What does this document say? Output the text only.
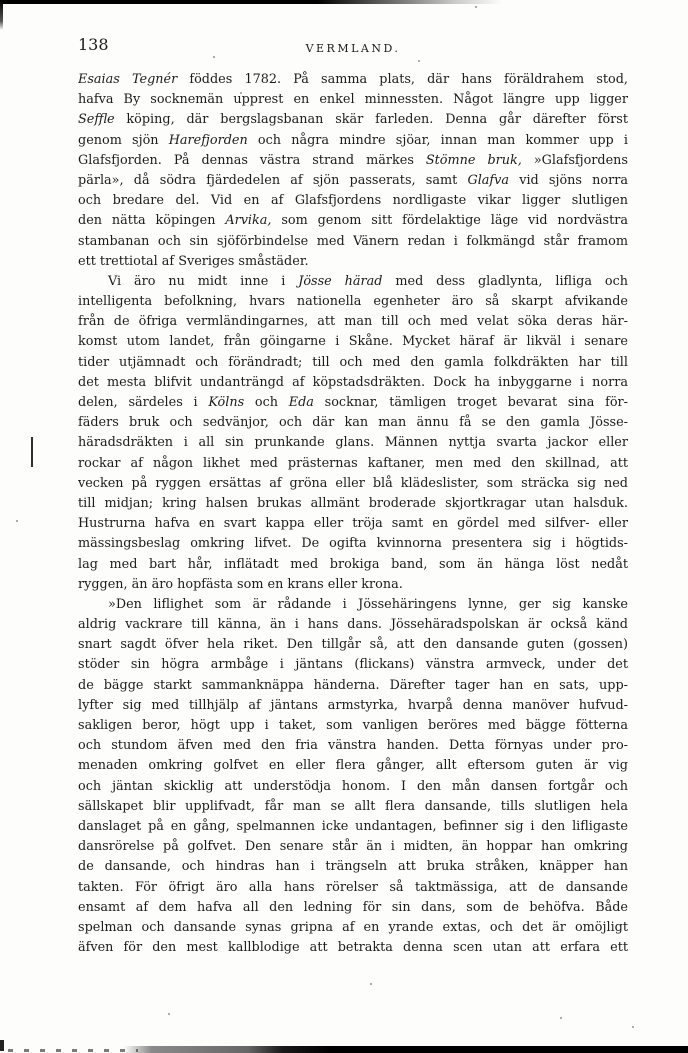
138	VERMLAND.
Esaias Tegnér föddes 1782. På samma plats, där hans föräldrahem stod,
hafva By socknemän upprest en enkel minnessten. Något längre upp ligger
Seffle köping, där bergslagsbanan skär farleden. Denna går därefter först
genom sjön Harefjorden och några mindre sjöar, innan man kommer upp i
Glafsfjorden. På dennas västra strand märkes Stömne bruk, »Glafsfjordens
pärla», då södra fjärdedelen af sjön passerats, samt Glafva vid sjöns norra
och bredare del. Vid en af Glafsfjordens nordligaste vikar ligger slutligen
den nätta köpingen Arvika, som genom sitt fördelaktige läge vid nordvästra
stambanan och sin sjöförbindelse med Vänern redan i folkmängd står framom
ett trettiotal af Sveriges småstäder.
Vi äro nu midt inne i Jösse härad med dess gladlynta, lifliga och
intelligenta befolkning, hvars nationella egenheter äro så skarpt afvikande
från de öfriga vermländingarnes, att man till och med velat söka deras här-
komst utom landet, från göingarne i Skåne. Mycket häraf är likväl i senare
tider utjämnadt och förändradt; till och med den gamla folkdräkten har till
det mesta blifvit undanträngd af köpstadsdräkten. Dock ha inbyggarne i norra
delen, särdeles i Kölns och Eda socknar, tämligen troget bevarat sina för-
fäders bruk och sedvänjor, och där kan man ännu få se den gamla Jösse-
häradsdräkten i all sin prunkande glans. Männen nyttja svarta jackor eller
rockar af någon likhet med prästernas kaftaner, men med den skillnad, att
vecken på ryggen ersättas af gröna eller blå klädeslister, som sträcka sig ned
till midjan; kring halsen brukas allmänt broderade skjortkragar utan halsduk.
Hustrurna hafva en svart kappa eller tröja samt en gördel med silfver- eller
mässingsbeslag omkring lifvet. De ogifta kvinnorna presentera sig i högtids-
lag med bart hår, inflätadt med brokiga band, som än hänga löst nedåt
ryggen, än äro hopfästa som en krans eller krona.
»Den liflighet som är rådande i Jössehäringens lynne, ger sig kanske
aldrig vackrare till känna, än i hans dans. Jössehäradspolskan är också känd
snart sagdt öfver hela riket. Den tillgår så, att den dansande guten (gossen)
stöder sin högra armbåge i jäntans (flickans) vänstra armveck, under det
de bägge starkt sammanknäppa händerna. Därefter tager han en sats, upp-
lyfter sig med tillhjälp af jäntans armstyrka, hvarpå denna manöver hufvud-
sakligen beror, högt upp i taket, som vanligen beröres med bägge fötterna
och stundom äfven med den fria vänstra handen. Detta förnyas under pro-
menaden omkring golfvet en eller flera gånger, allt eftersom guten är vig
och jäntan skicklig att understödja honom. I den mån dansen fortgår och
sällskapet blir upplifvadt, får man se allt flera dansande, tills slutligen hela
danslaget på en gång, spelmannen icke undantagen, befinner sig i den lifligaste
dansrörelse på golfvet. Den senare står än i midten, än hoppar han omkring
de dansande, och hindras han i trängseln att bruka stråken, knäpper han
takten. För öfrigt äro alla hans rörelser så taktmässiga, att de dansande
ensamt af dem hafva all den ledning för sin dans, som de behöfva. Både
spelman och dansande synas gripna af en yrande extas, och det är omöjligt
äfven för den mest kallblodige att betrakta denna scen utan att erfara ett
